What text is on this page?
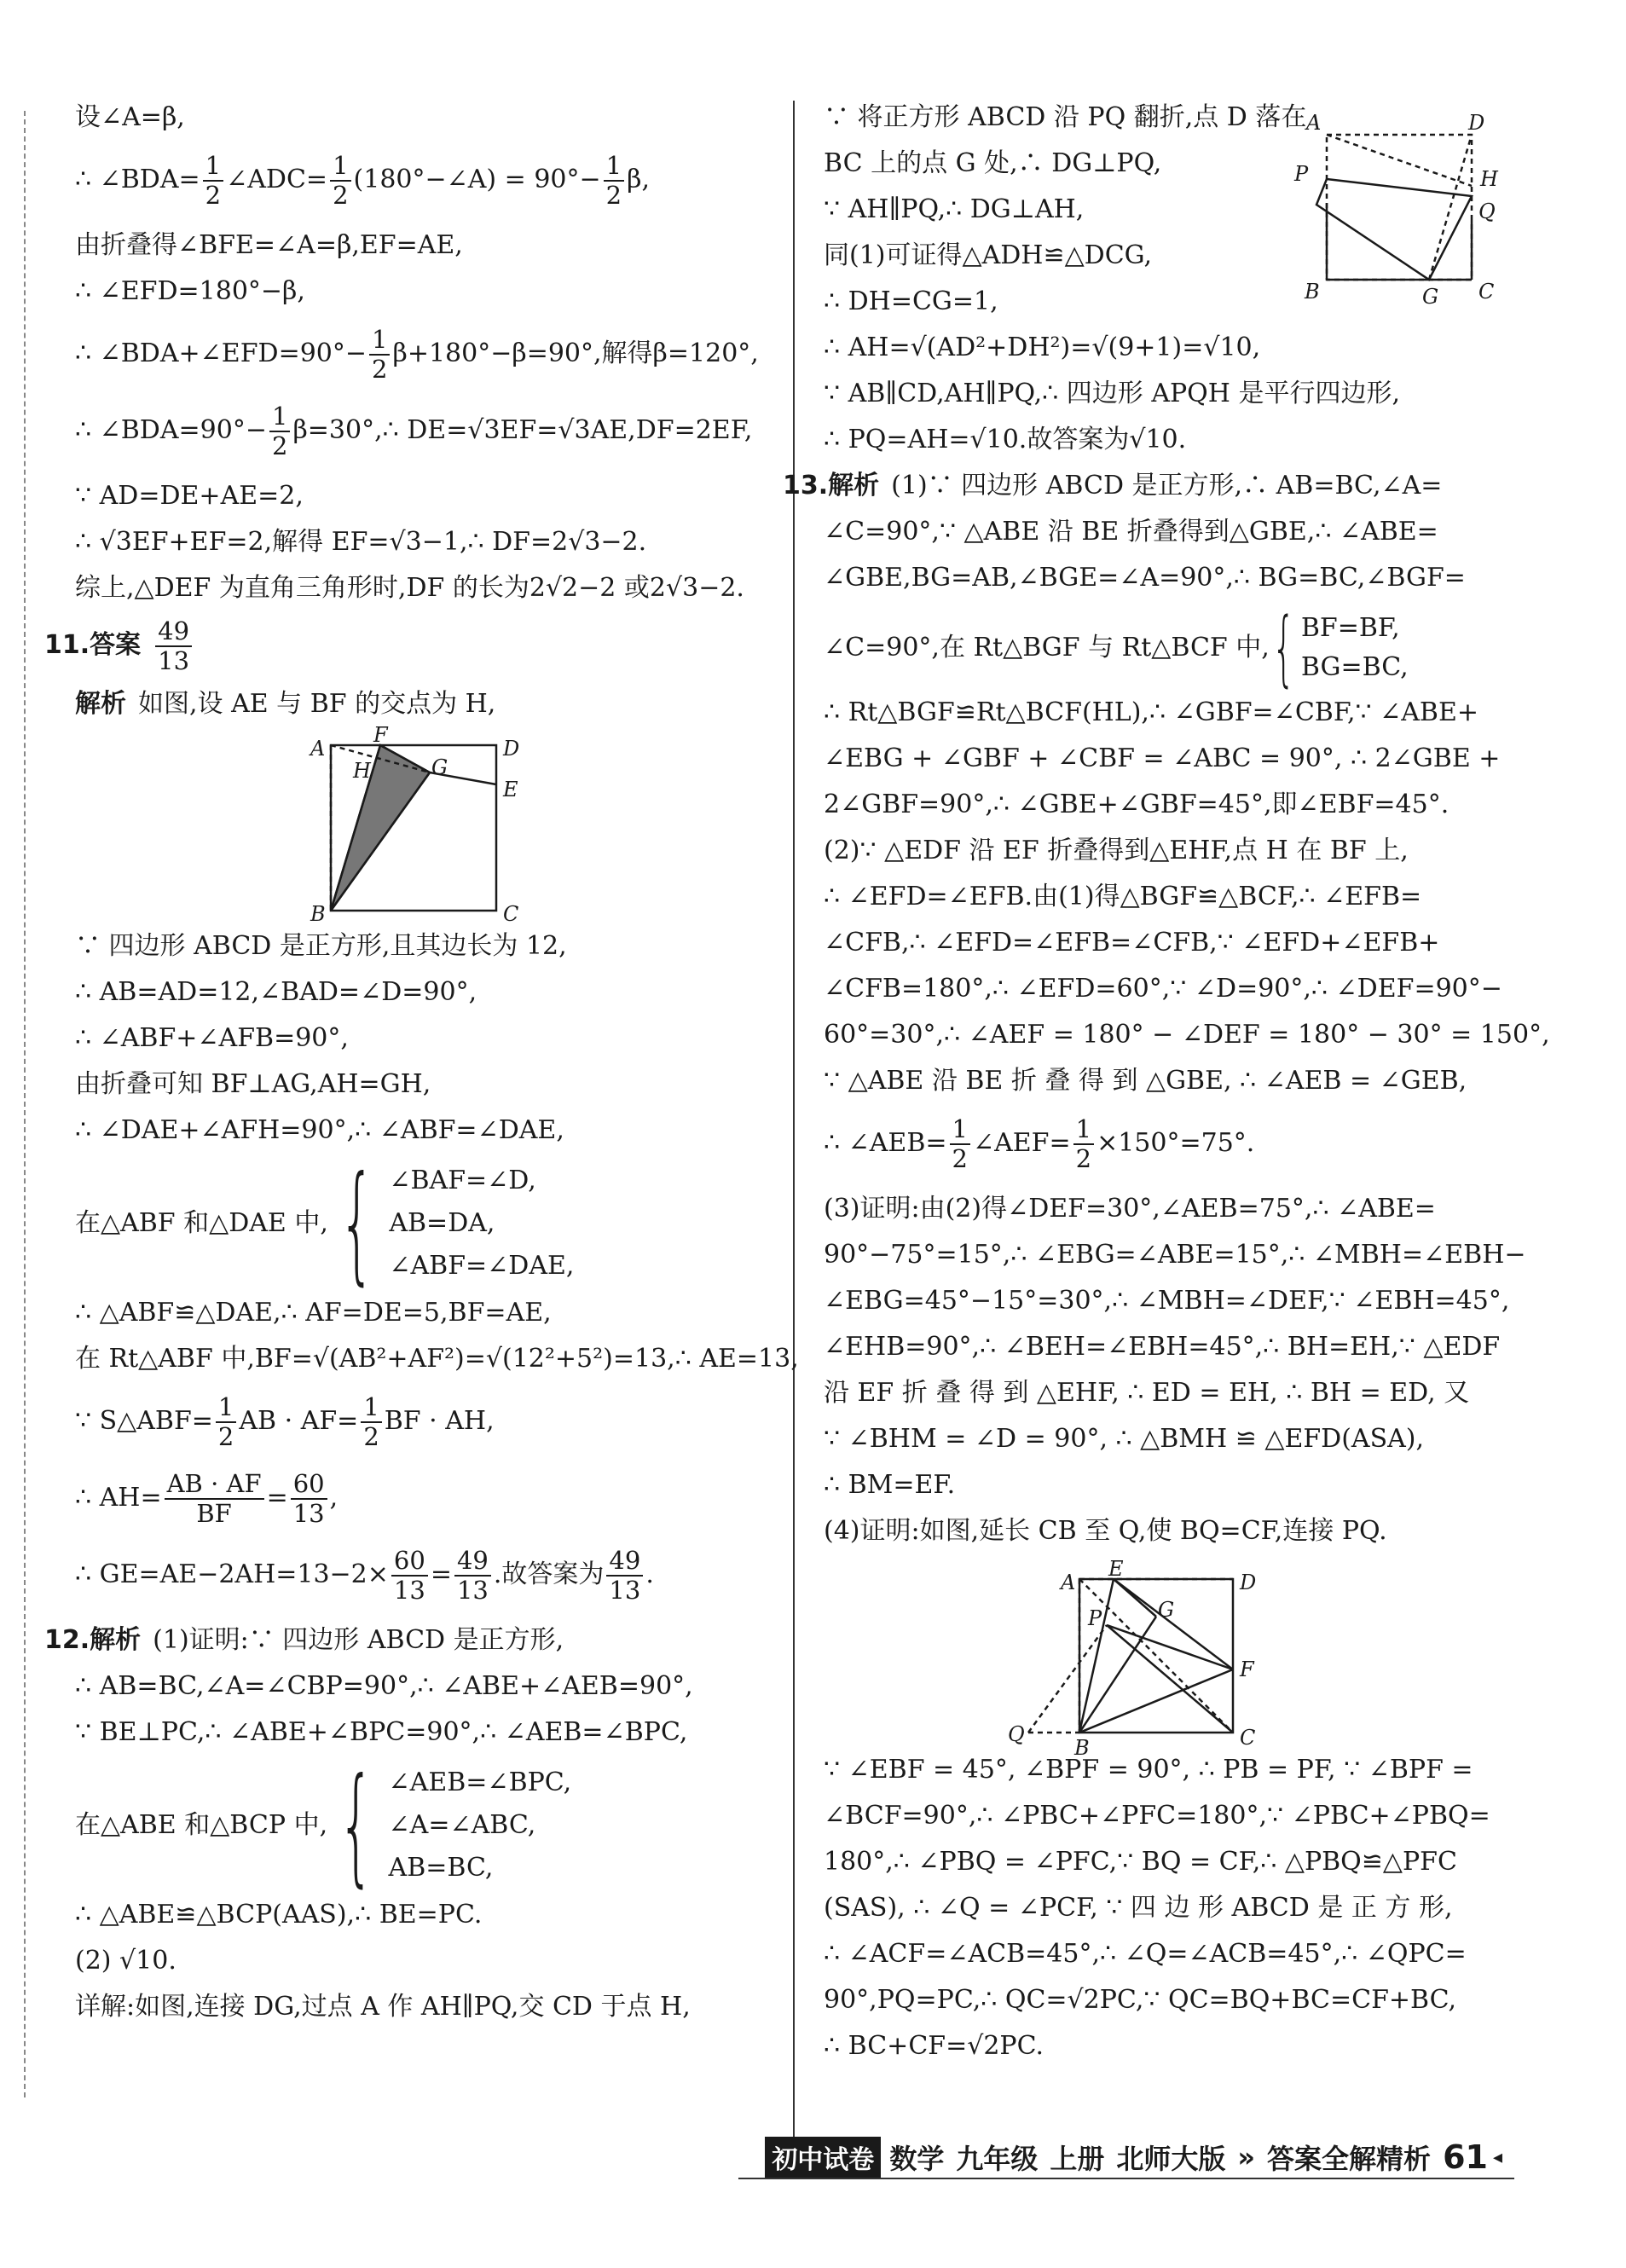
设∠A=β,
∴ ∠BDA= $\frac{1}{2}$ ∠ADC= $\frac{1}{2}$ (180°−∠A) = $90^\circ- \frac{1}{2} \beta$,
由折叠得∠BFE=∠A=β,EF=AE,
∴ ∠EFD=180°−β,
∴ ∠BDA+∠EFD=90°− $\frac{1}{2} \beta+180^\circ-\beta=90^\circ$,解得β=120°,
∴ ∠BDA=90°− $\frac{1}{2}$ β=30°,∴ DE=√3EF=√3AE,DF=2EF,
∵ AD=DE+AE=2,
∴ √3EF+EF=2,解得 EF=√3−1,∴ DF=2√3−2.
综上,△DEF 为直角三角形时,DF 的长为2√2−2 或2√3−2.
11.答案 $\frac{49}{13}$
解析 如图,设 AE 与 BF 的交点为 H,
A
F
D
H	G
E
B	C
∵ 四边形 ABCD 是正方形,且其边长为 12,
∴ AB=AD=12,∠BAD=∠D=90°,
∴ ∠ABF+∠AFB=90°,
由折叠可知 BF⊥AG,AH=GH,
∴ ∠DAE+∠AFH=90°,∴ ∠ABF=∠DAE,
在△ABF 和△DAE 中, { ∠BAF=∠D,
AB=DA,
∠ABF=∠DAE,
∴ △ABF≌△DAE,∴ AF=DE=5,BF=AE,
在 Rt△ABF 中,BF=√(AB²+AF²)=√(12²+5²)=13,∴ AE=13,
∵ S△ABF= $\frac{1}{2}$ AB · $AF= \frac{1}{2}$ BF · AH,
∴ $AH= \frac{AB \cdot AF}{BF} = \frac{60}{13}$ ,
∴ $GE=AE-2AH=13-2\times \frac{60}{13} = \frac{49}{13}$ .故答案为 $\frac{49}{13}$ .
12.解析 (1)证明:∵ 四边形 ABCD 是正方形,
∴ AB=BC,∠A=∠CBP=90°,∴ ∠ABE+∠AEB=90°,
∵ BE⊥PC,∴ ∠ABE+∠BPC=90°,∴ ∠AEB=∠BPC,
在△ABE 和△BCP 中, { ∠AEB=∠BPC,
∠A=∠ABC,
AB=BC,
∴ △ABE≌△BCP(AAS),∴ BE=PC.
(2) √10.
详解:如图,连接 DG,过点 A 作 AH∥PQ,交 CD 于点 H,
A	D
P	H
Q
B	G C
∵ 将正方形 ABCD 沿 PQ 翻折,点 D 落在
BC 上的点 G 处,∴ DG⊥PQ,
∵ AH∥PQ,∴ DG⊥AH,
同(1)可证得△ADH≌△DCG,
∴ DH=CG=1,
∴ AH=√(AD²+DH²)=√(9+1)=√10,
∵ AB∥CD,AH∥PQ,∴ 四边形 APQH 是平行四边形,
∴ PQ=AH=√10.故答案为√10.
13.解析 (1)∵ 四边形 ABCD 是正方形,∴ AB=BC,∠A=
∠C=90°,∵ △ABE 沿 BE 折叠得到△GBE,∴ ∠ABE=
∠GBE,BG=AB,∠BGE=∠A=90°,∴ BG=BC,∠BGF=
∠C=90°,在 Rt△BGF 与 Rt△BCF 中, { BF=BF,
BG=BC,
∴ Rt△BGF≌Rt△BCF(HL),∴ ∠GBF=∠CBF,∵ ∠ABE+
∠EBG + ∠GBF + ∠CBF = ∠ABC = 90°, ∴ 2∠GBE +
2∠GBF=90°,∴ ∠GBE+∠GBF=45°,即∠EBF=45°.
(2)∵ △EDF 沿 EF 折叠得到△EHF,点 H 在 BF 上,
∴ ∠EFD=∠EFB.由(1)得△BGF≌△BCF,∴ ∠EFB=
∠CFB,∴ ∠EFD=∠EFB=∠CFB,∵ ∠EFD+∠EFB+
∠CFB=180°,∴ ∠EFD=60°,∵ ∠D=90°,∴ ∠DEF=90°−
60°=30°,∴ ∠AEF = 180° − ∠DEF = 180° − 30° = 150°,
∵ △ABE 沿 BE 折 叠 得 到 △GBE, ∴ ∠AEB = ∠GEB,
∴ ∠AEB= $\frac{1}{2}$ ∠AEF= $\frac{1}{2} \times 150^\circ=75^\circ$.
(3)证明:由(2)得∠DEF=30°,∠AEB=75°,∴ ∠ABE=
90°−75°=15°,∴ ∠EBG=∠ABE=15°,∴ ∠MBH=∠EBH−
∠EBG=45°−15°=30°,∴ ∠MBH=∠DEF,∵ ∠EBH=45°,
∠EHB=90°,∴ ∠BEH=∠EBH=45°,∴ BH=EH,∵ △EDF
沿 EF 折 叠 得 到 △EHF, ∴ ED = EH, ∴ BH = ED, 又
∵ ∠BHM = ∠D = 90°, ∴ △BMH ≌ △EFD(ASA),
∴ BM=EF.
(4)证明:如图,延长 CB 至 Q,使 BQ=CF,连接 PQ.
A
E
D
G
P
F
Q
B	C
∵ ∠EBF = 45°, ∠BPF = 90°, ∴ PB = PF, ∵ ∠BPF =
∠BCF=90°,∴ ∠PBC+∠PFC=180°,∵ ∠PBC+∠PBQ=
180°,∴ ∠PBQ = ∠PFC,∵ BQ = CF,∴ △PBQ≌△PFC
(SAS), ∴ ∠Q = ∠PCF, ∵ 四 边 形 ABCD 是 正 方 形,
∴ ∠ACF=∠ACB=45°,∴ ∠Q=∠ACB=45°,∴ ∠QPC=
90°,PQ=PC,∴ QC=√2PC,∵ QC=BQ+BC=CF+BC,
∴ BC+CF=√2PC.
初中试卷 数学 九年级 上册 北师大版 » 答案全解精析 61 ◂
